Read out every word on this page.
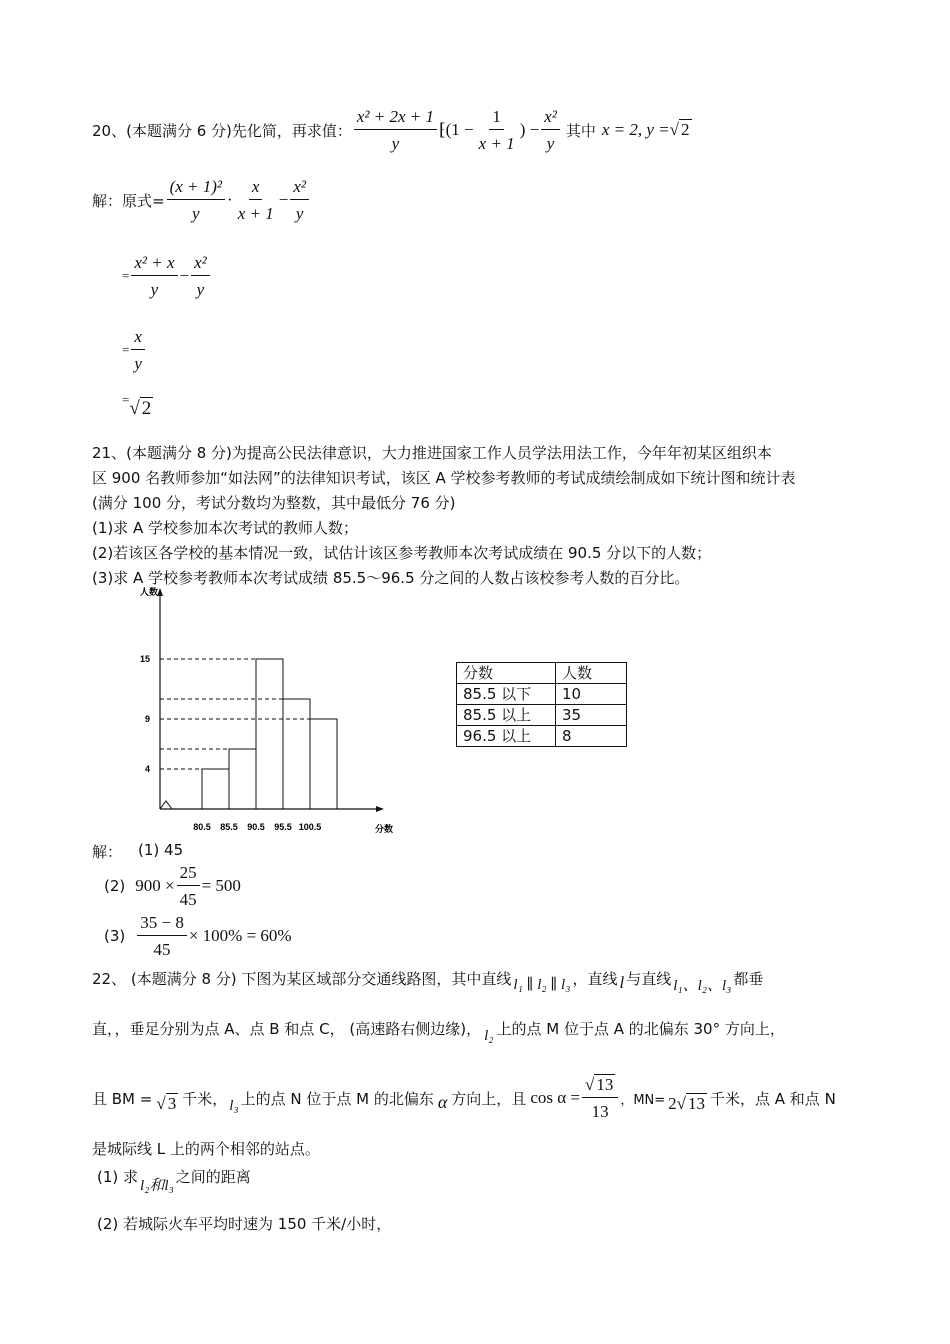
20、(本题满分 6 分)先化简，再求值： $\frac{\text{x² + 2x + 1}}{y}$ ⁅(1 − $\frac{1}{x + 1}$ ) − $\frac{\text{x²}}{y}$ 其中 x = 2, y = √ 2
解：原式= $\frac{\text{(x + 1)²}}{y} \cdot \frac{x}{x + 1} - \frac{\text{x²}}{y}$
= $\frac{\text{x² + x}}{y} - \frac{\text{x²}}{y}$
= $\frac{x}{y}$
= √ 2
21、(本题满分 8 分)为提高公民法律意识，大力推进国家工作人员学法用法工作，今年年初某区组织本
区 900 名教师参加“如法网”的法律知识考试，该区 A 学校参考教师的考试成绩绘制成如下统计图和统计表
(满分 100 分，考试分数均为整数，其中最低分 76 分)
(1)求 A 学校参加本次考试的教师人数；
(2)若该区各学校的基本情况一致，试估计该区参考教师本次考试成绩在 90.5 分以下的人数；
(3)求 A 学校参考教师本次考试成绩 85.5～96.5 分之间的人数占该校参考人数的百分比。
4
9
15
80.5 85.5 90.5 95.5 100.5
人数
分数
分数	人数
85.5 以下	10
85.5 以上	35
96.5 以上	8
解： (1) 45
(2) $900 \times \frac{25}{45} = 500$
$(3) \frac{35 - 8}{45} \times 100\% = 60\%$
22、 (本题满分 8 分) 下图为某区域部分交通线路图，其中直线 l₁ ∥ l₂ ∥ l₃ ，直线 l 与直线 l₁、l₂、l₃ 都垂
直，，垂足分别为点 A、点 B 和点 C， (高速路右侧边缘)， l₂ 上的点 M 位于点 A 的北偏东 30° 方向上，
且 BM = √ 3 千米， l₃ 上的点 N 位于点 M 的北偏东 α 方向上，且 $\cos \alpha = \frac{√ 13}{13}$ ，MN= 2√ 13 千米，点 A 和点 N
是城际线 L 上的两个相邻的站点。
(1) 求 l₂和l₃ 之间的距离
(2) 若城际火车平均时速为 150 千米/小时，
